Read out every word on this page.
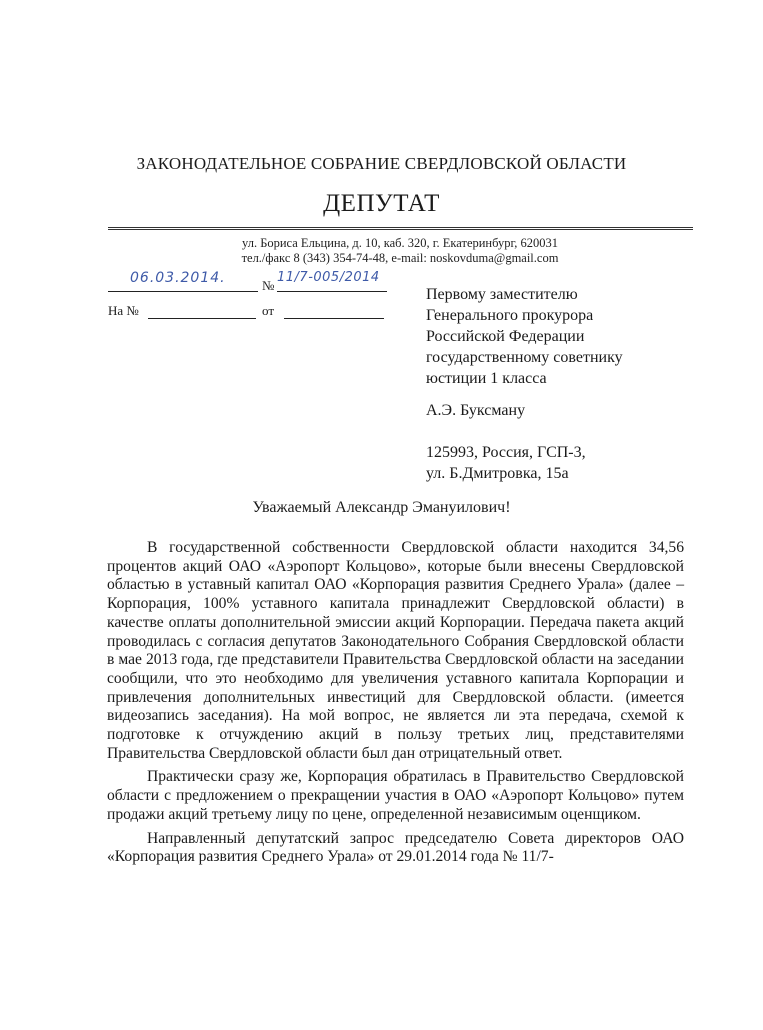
ЗАКОНОДАТЕЛЬНОЕ СОБРАНИЕ СВЕРДЛОВСКОЙ ОБЛАСТИ
ДЕПУТАТ
ул. Бориса Ельцина, д. 10, каб. 320, г. Екатеринбург, 620031
тел./факс 8 (343) 354-74-48, e-mail: noskovduma@gmail.com
06.03.2014.	№
11/7-005/2014
На №	от
Первому заместителю
Генерального прокурора
Российской Федерации
государственному советнику
юстиции 1 класса
А.Э. Буксману
125993, Россия, ГСП-3,
ул. Б.Дмитровка, 15а
Уважаемый Александр Эмануилович!

В государственной собственности Свердловской области находится 34,56 процентов акций ОАО «Аэропорт Кольцово», которые были внесены Свердловской областью в уставный капитал ОАО «Корпорация развития Среднего Урала» (далее – Корпорация, 100% уставного капитала принадлежит Свердловской области) в качестве оплаты дополнительной эмиссии акций Корпорации. Передача пакета акций проводилась с согласия депутатов Законодательного Собрания Свердловской области в мае 2013 года, где представители Правительства Свердловской области на заседании сообщили, что это необходимо для увеличения уставного капитала Корпорации и привлечения дополнительных инвестиций для Свердловской области. (имеется видеозапись заседания). На мой вопрос, не является ли эта передача, схемой к подготовке к отчуждению акций в пользу третьих лиц, представителями Правительства Свердловской области был дан отрицательный ответ.

Практически сразу же, Корпорация обратилась в Правительство Свердловской области с предложением о прекращении участия в ОАО «Аэропорт Кольцово» путем продажи акций третьему лицу по цене, определенной независимым оценщиком.

Направленный депутатский запрос председателю Совета директоров ОАО «Корпорация развития Среднего Урала» от 29.01.2014 года № 11/7-
